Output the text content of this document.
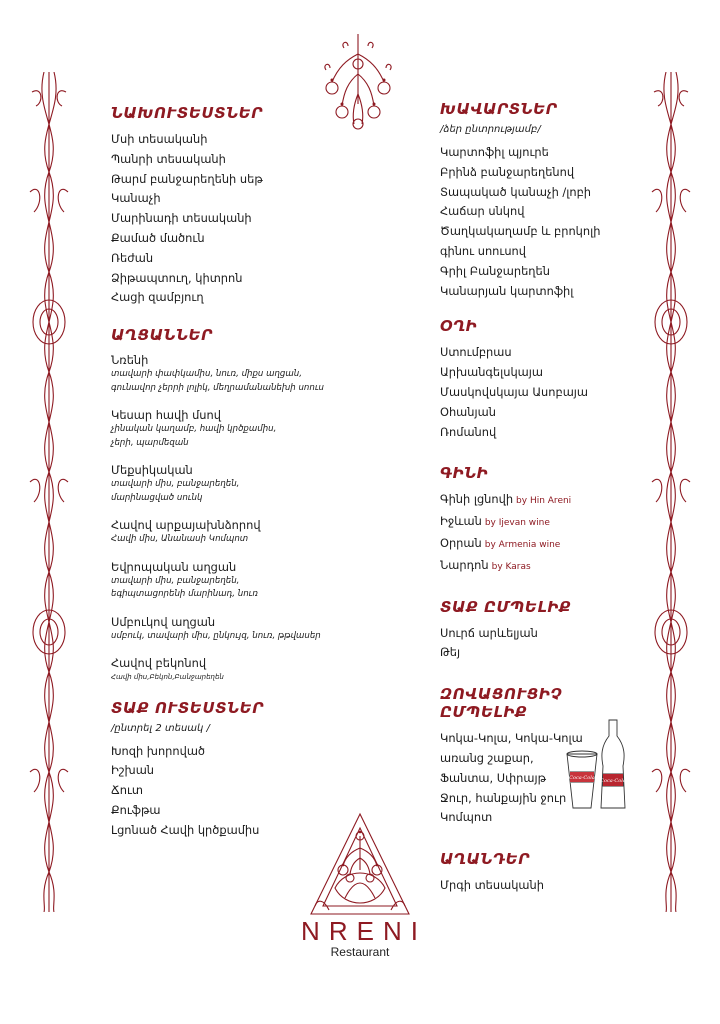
ՆԱԽՈՒՏԵՍՏՆԵՐ
Մսի տեսականի
Պանրի տեսականի
Թարմ բանջարեղենի սեթ
Կանաչի
Մարինադի տեսականի
Քամած մածուն
Ռեժան
Ձիթապտուղ, կիտրոն
Հացի զամբյուղ
ԱՂՑԱՆՆԵՐ
Նռենի
տավարի փափկամիս, նուռ, միքս աղցան,
գունավոր չերրի լոլիկ, մեղրամանանեխի սոուս
Կեսար հավի մսով
չինական կաղամբ, հավի կրծքամիս,
չերի, պարմեզան
Մեքսիկական
տավարի միս, բանջարեղեն,
մարինացված սունկ
Հավով արքայախնձորով
Հավի միս, Անանասի Կոմպոտ
Եվրոպական աղցան
տավարի միս, բանջարեղեն,
եգիպտացորենի մարինադ, նուռ
Սմբուկով աղցան
սմբուկ, տավարի միս, ընկույզ, նուռ, թթվասեր
Հավով բեկոնով
Հավի միս,Բեկոն,Բանջարեղեն
ՏԱՔ ՈՒՏԵՍՏՆԵՐ
/ընտրել 2 տեսակ /
Խոզի խորոված
Իշխան
Ճուտ
Քուֆթա
Լցոնած Հավի կրծքամիս
ԽԱՎԱՐՏՆԵՐ
/ձեր ընտրությամբ/
Կարտոֆիլ պյուրե
Բրինձ բանջարեղենով
Տապակած կանաչի /լոբի
Հաճար սնկով
Ծաղկակաղամբ և բրոկոլի
գինու սոուսով
Գրիլ Բանջարեղեն
Կանարյան կարտոֆիլ
ՕՂԻ
Ստումբրաս
Արխանգելսկայա
Մասկովսկայա Ասոբայա
Օհանյան
Ռոմանով
ԳԻՆԻ
Գինի լցնովի by Hin Areni
Իջևան by Ijevan wine
Օրրան by Armenia wine
Նարդոն by Karas
ՏԱՔ ԸՄՊԵԼԻՔ
Սուրճ արևելյան
Թեյ
ԶՈՎԱՑՈՒՑԻՉ ԸՄՊԵԼԻՔ
Կոկա-Կոլա, Կոկա-Կոլա
առանց շաքար,
Ֆանտա, Սփրայթ
Ջուր, հանքային ջուր
Կոմպոտ
ԱՂԱՆԴԵՐ
Մրգի տեսականի
Coca-Cola
Coca-Cola
NRENI
Restaurant
